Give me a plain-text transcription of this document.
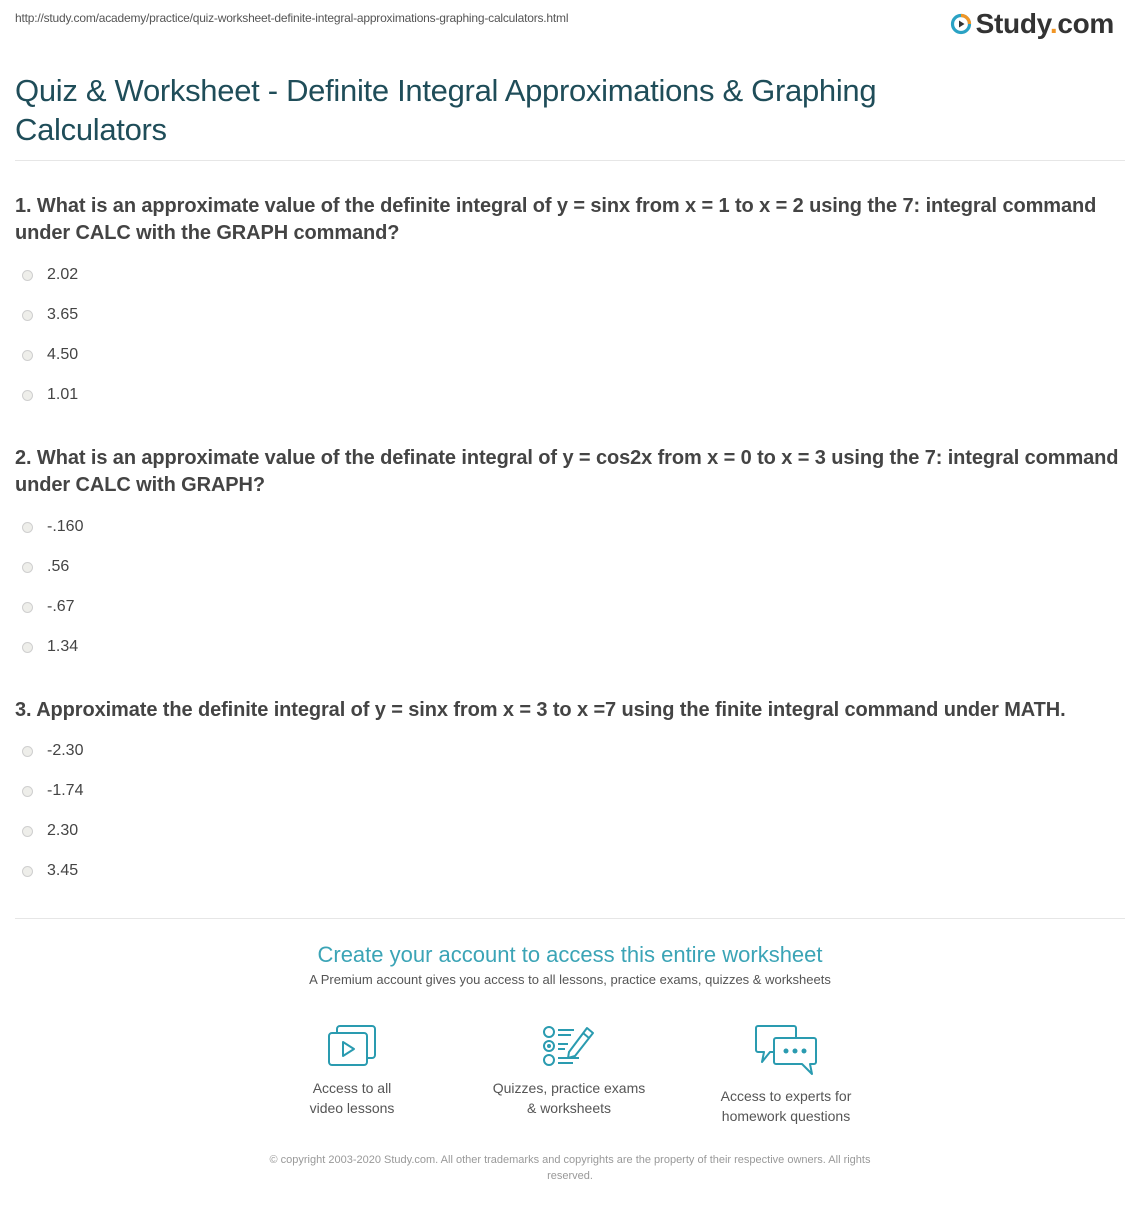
http://study.com/academy/practice/quiz-worksheet-definite-integral-approximations-graphing-calculators.html	Study.com
Quiz & Worksheet - Definite Integral Approximations & Graphing Calculators
1. What is an approximate value of the definite integral of y = sinx from x = 1 to x = 2 using the 7: integral command under CALC with the GRAPH command?
2.02
3.65
4.50
1.01
2. What is an approximate value of the definate integral of y = cos2x from x = 0 to x = 3 using the 7: integral command under CALC with GRAPH?
-.160
.56
-.67
1.34
3. Approximate the definite integral of y = sinx from x = 3 to x =7 using the finite integral command under MATH.
-2.30
-1.74
2.30
3.45
Create your account to access this entire worksheet
A Premium account gives you access to all lessons, practice exams, quizzes & worksheets
Access to all
video lessons
Quizzes, practice exams
& worksheets
Access to experts for
homework questions
© copyright 2003-2020 Study.com. All other trademarks and copyrights are the property of their respective owners. All rights
reserved.
